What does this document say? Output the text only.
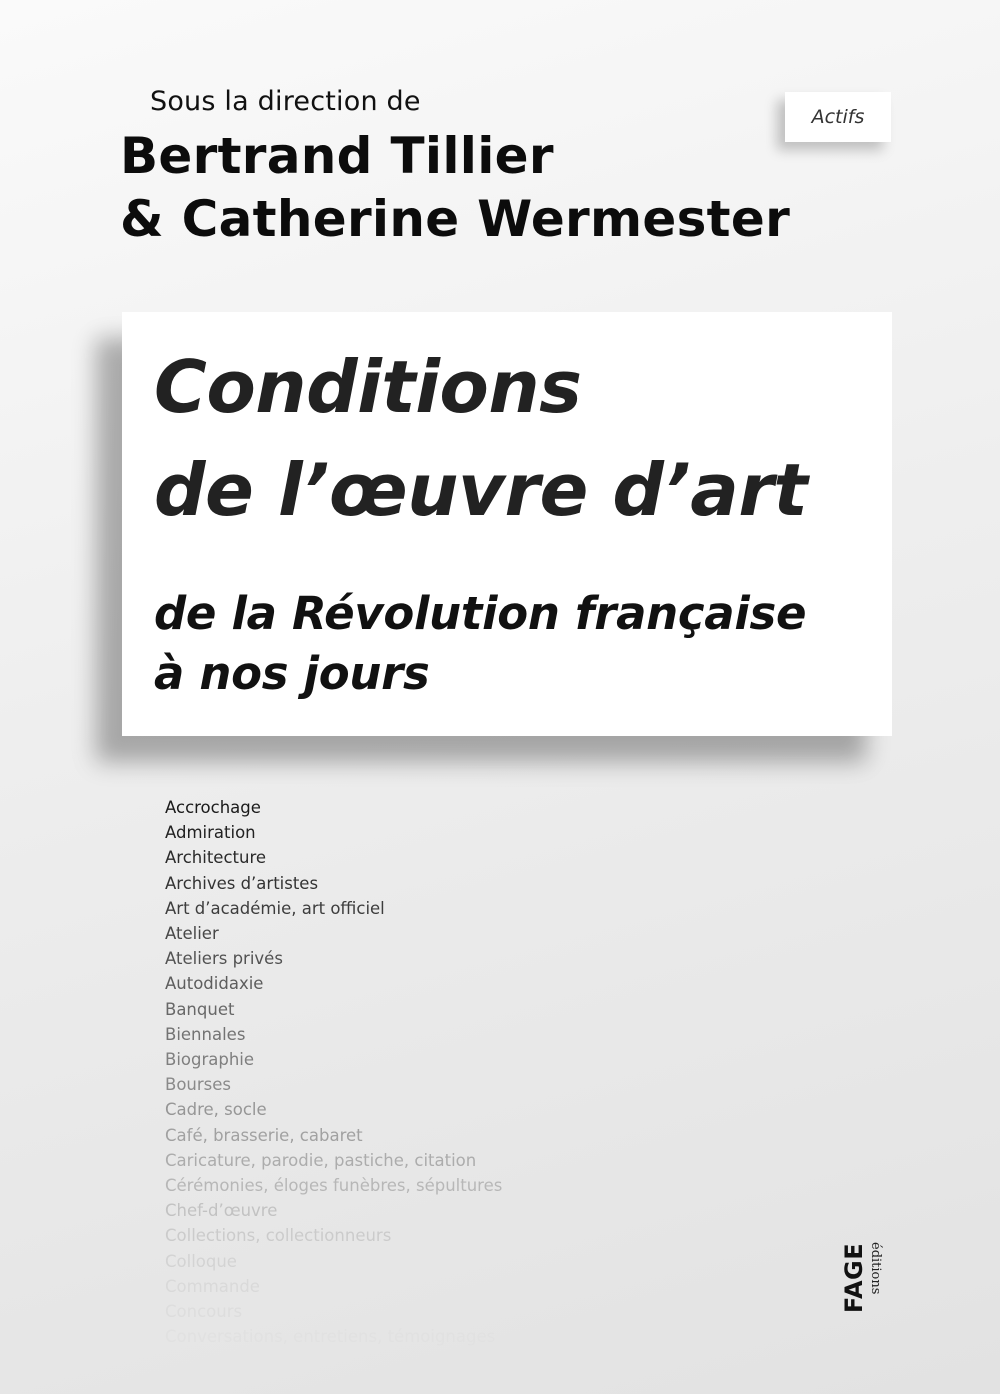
Sous la direction de
Bertrand Tillier
& Catherine Wermester
Actifs
Conditions
de l’œuvre d’art
de la Révolution française
à nos jours
Accrochage
Admiration
Architecture
Archives d’artistes
Art d’académie, art officiel
Atelier
Ateliers privés
Autodidaxie
Banquet
Biennales
Biographie
Bourses
Cadre, socle
Café, brasserie, cabaret
Caricature, parodie, pastiche, citation
Cérémonies, éloges funèbres, sépultures
Chef-d’œuvre
Collections, collectionneurs
Colloque
Commande
Concours
Conversations, entretiens, témoignages
FAGE éditions
